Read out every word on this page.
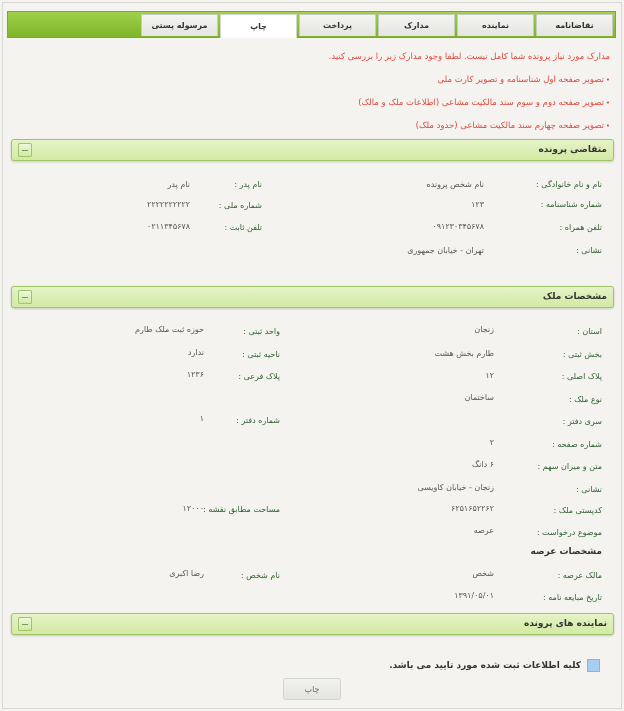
نقاضانامه
نماینده
مدارک
پرداخت
چاپ
مرسوله پستی
مدارک مورد نیاز پرونده شما کامل نیست. لطفا وجود مدارک زیر را بررسی کنید.
•
تصویر صفحه اول شناسنامه و تصویر کارت ملی
•
تصویر صفحه دوم و سوم سند مالکیت مشاعی (اطلاعات ملک و مالک)
•
تصویر صفحه چهارم سند مالکیت مشاعی (حدود ملک)
متقاضی پرونده
نام و نام خانوادگی :
نام شخص پرونده
نام پدر :
نام پدر
شماره شناسنامه :
۱۲۳
شماره ملی :
۲۲۲۲۲۲۲۲۲۲
تلفن همراه :
۰۹۱۲۳۰۳۴۵۶۷۸
تلفن ثابت :
۰۲۱۱۳۴۵۶۷۸
نشانی :
تهران - خیابان جمهوری
مشخصات ملک
استان :
زنجان
واحد ثبتی :
حوزه ثبت ملک طارم
بخش ثبتی :
طارم بخش هشت
ناحیه ثبتی :
ندارد
پلاک اصلی :
۱۲
پلاک فرعی :
۱۲۳۶
نوع ملک :
ساختمان
سری دفتر :
شماره دفتر :
۱
شماره صفحه :
۲
متن و میزان سهم :
۶ دانگ
نشانی :
زنجان - خیابان کاویسی
کدپستی ملک :
۶۲۵۱۶۵۲۲۶۲
مساحت مطابق نقشه :
۱۲۰۰۰
موضوع درخواست :
عرصه
مشخصات عرصه
مالک عرصه :
شخص
نام شخص :
رضا اکبری
تاریخ مبایعه نامه :
۱۳۹۱/۰۵/۰۱
نماینده های پرونده
کلیه اطلاعات ثبت شده مورد تایید می باشد.
چاپ
